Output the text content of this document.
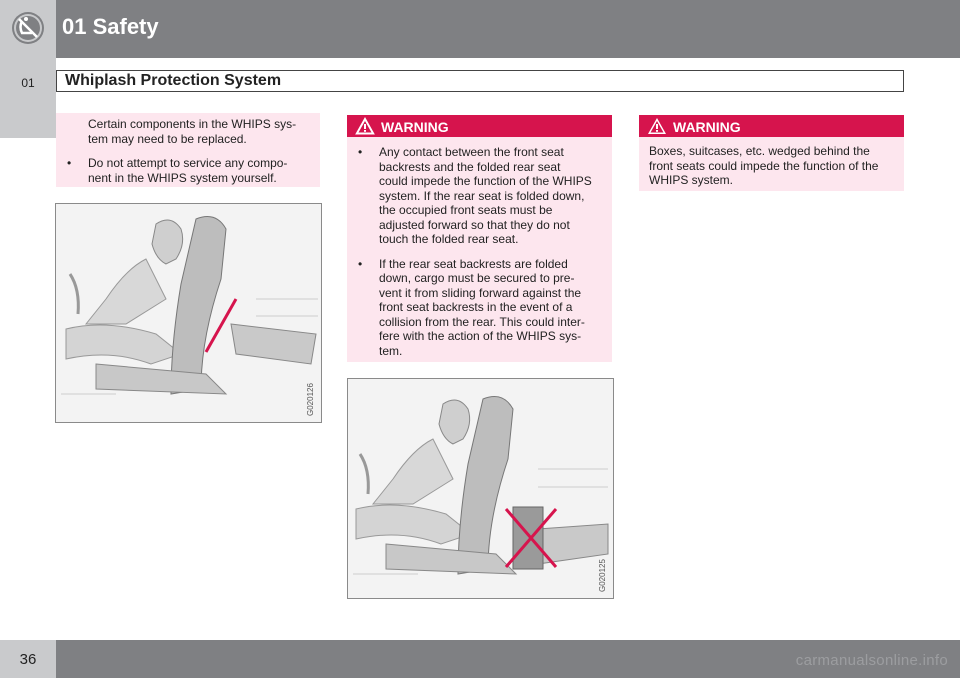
01 Safety
01	Whiplash Protection System
Certain components in the WHIPS sys-
tem may need to be replaced.
• Do not attempt to service any compo-
nent in the WHIPS system yourself.
G020126
WARNING
• Any contact between the front seat
backrests and the folded rear seat
could impede the function of the WHIPS
system. If the rear seat is folded down,
the occupied front seats must be
adjusted forward so that they do not
touch the folded rear seat.
• If the rear seat backrests are folded
down, cargo must be secured to pre-
vent it from sliding forward against the
front seat backrests in the event of a
collision from the rear. This could inter-
fere with the action of the WHIPS sys-
tem.
G020125
WARNING
Boxes, suitcases, etc. wedged behind the
front seats could impede the function of the
WHIPS system.
36	carmanualsonline.info
